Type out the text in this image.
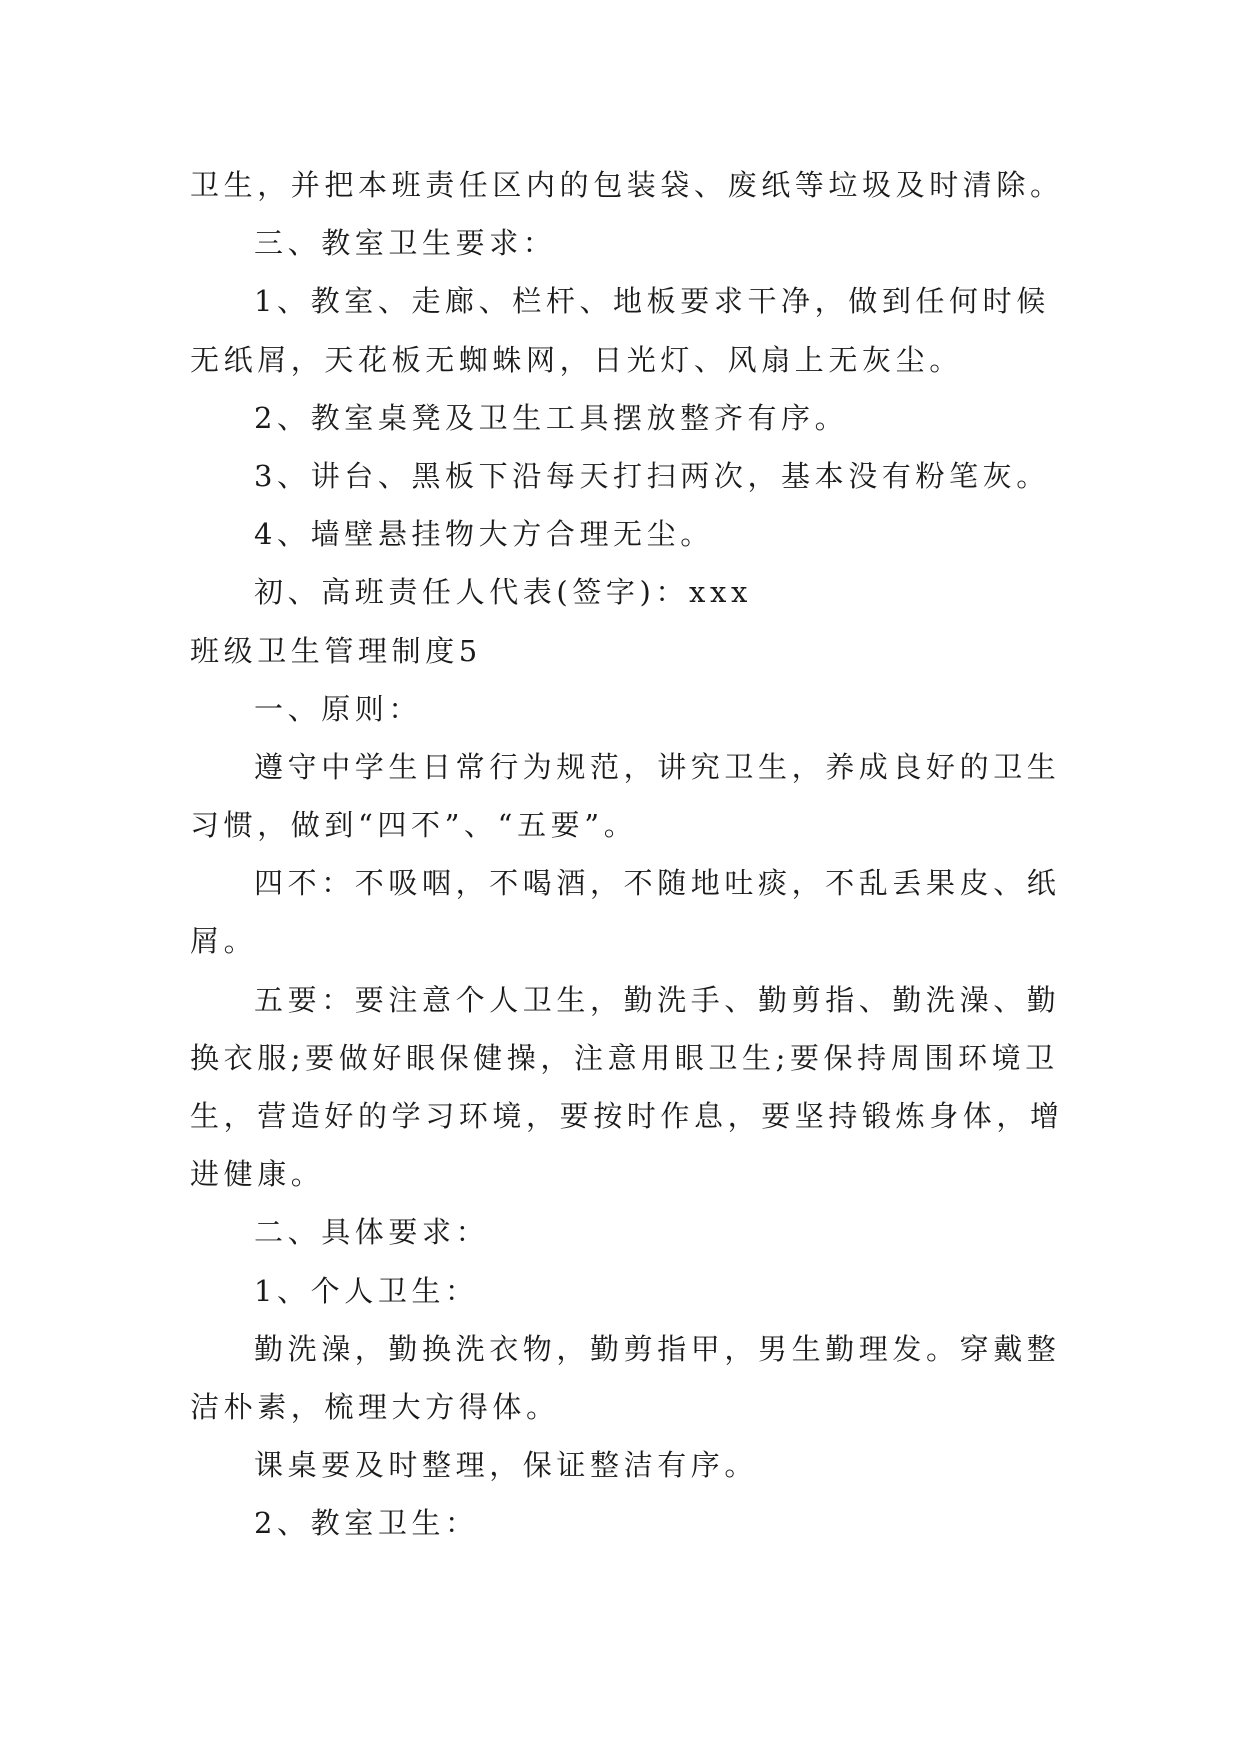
卫生，并把本班责任区内的包装袋、废纸等垃圾及时清除。
三、教室卫生要求：
1、教室、走廊、栏杆、地板要求干净，做到任何时候
无纸屑，天花板无蜘蛛网，日光灯、风扇上无灰尘。
2、教室桌凳及卫生工具摆放整齐有序。
3、讲台、黑板下沿每天打扫两次，基本没有粉笔灰。
4、墙壁悬挂物大方合理无尘。
初、高班责任人代表(签字)：xxx
班级卫生管理制度5
一、原则：
遵守中学生日常行为规范，讲究卫生，养成良好的卫生
习惯，做到“四不”、“五要”。
四不：不吸咽，不喝酒，不随地吐痰，不乱丢果皮、纸
屑。
五要：要注意个人卫生，勤洗手、勤剪指、勤洗澡、勤
换衣服;要做好眼保健操，注意用眼卫生;要保持周围环境卫
生，营造好的学习环境，要按时作息，要坚持锻炼身体，增
进健康。
二、具体要求：
1、个人卫生：
勤洗澡，勤换洗衣物，勤剪指甲，男生勤理发。穿戴整
洁朴素，梳理大方得体。
课桌要及时整理，保证整洁有序。
2、教室卫生：
